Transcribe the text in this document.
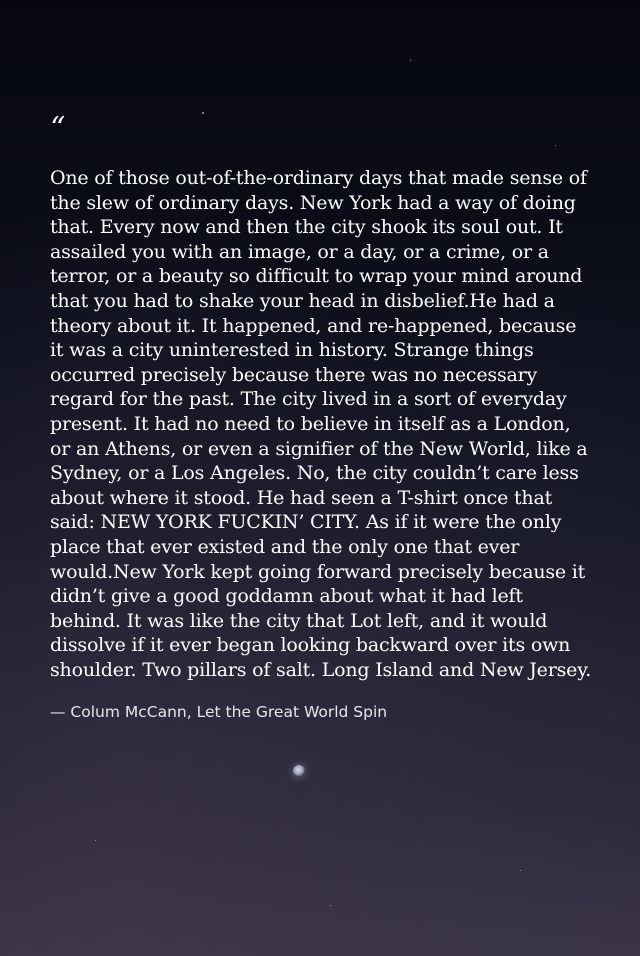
“

One of those out-of-the-ordinary days that made sense of the slew of ordinary days. New York had a way of doing that. Every now and then the city shook its soul out. It assailed you with an image, or a day, or a crime, or a terror, or a beauty so difficult to wrap your mind around that you had to shake your head in disbelief.He had a theory about it. It happened, and re-happened, because it was a city uninterested in history. Strange things occurred precisely because there was no necessary regard for the past. The city lived in a sort of everyday present. It had no need to believe in itself as a London, or an Athens, or even a signifier of the New World, like a Sydney, or a Los Angeles. No, the city couldn’t care less about where it stood. He had seen a T-shirt once that said: NEW YORK FUCKIN’ CITY. As if it were the only place that ever existed and the only one that ever would.New York kept going forward precisely because it didn’t give a good goddamn about what it had left behind. It was like the city that Lot left, and it would dissolve if it ever began looking backward over its own shoulder. Two pillars of salt. Long Island and New Jersey.

— Colum McCann, Let the Great World Spin
